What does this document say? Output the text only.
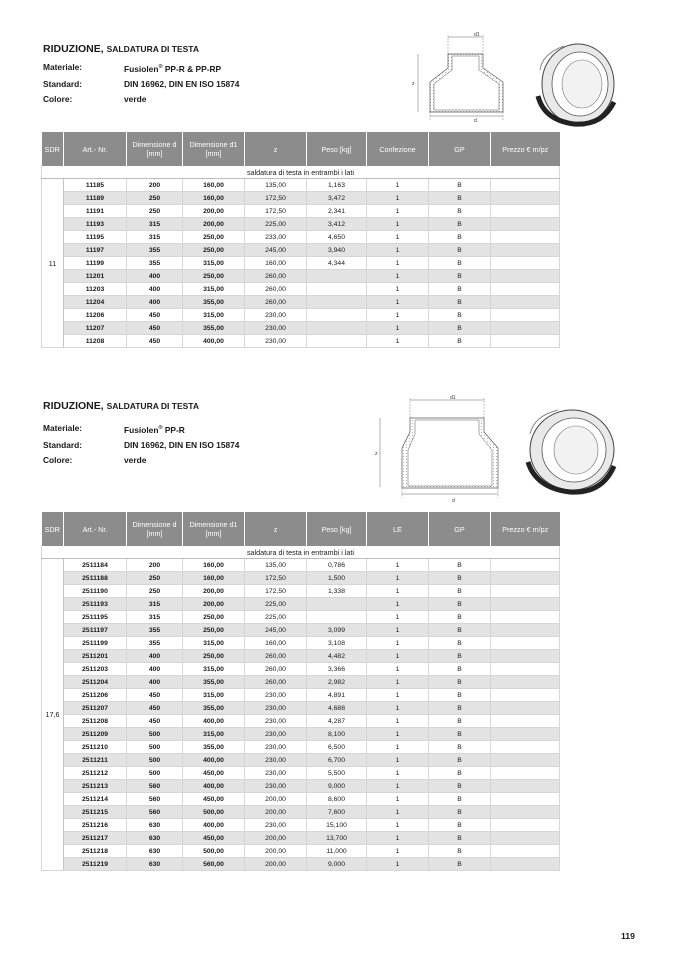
RIDUZIONE, SALDATURA DI TESTA
Materiale:	Fusiolen® PP-R & PP-RP
Standard:	DIN 16962, DIN EN ISO 15874
Colore:	verde
d1
z
d
SDR	Art.- Nr.	Dimensione d [mm]	Dimensione d1 [mm]	z	Peso [kg]	Confezione	GP	Prezzo € m/pz
saldatura di testa in entrambi i lati								
11	11185	200	160,00	135,00	1,163	1	B	
	11189	250	160,00	172,50	3,472	1	B	
	11191	250	200,00	172,50	2,341	1	B	
	11193	315	200,00	225,00	3,412	1	B	
	11195	315	250,00	233,00	4,650	1	B	
	11197	355	250,00	245,00	3,940	1	B	
	11199	355	315,00	160,00	4,344	1	B	
	11201	400	250,00	260,00		1	B	
	11203	400	315,00	260,00		1	B	
	11204	400	355,00	260,00		1	B	
	11206	450	315,00	230,00		1	B	
	11207	450	355,00	230,00		1	B	
	11208	450	400,00	230,00		1	B	
RIDUZIONE, SALDATURA DI TESTA
Materiale:	Fusiolen® PP-R
Standard:	DIN 16962, DIN EN ISO 15874
Colore:	verde
d1
z
d
SDR	Art.- Nr.	Dimensione d [mm]	Dimensione d1 [mm]	z	Peso [kg]	LE	GP	Prezzo € m/pz
saldatura di testa in entrambi i lati								
17,6	2511184	200	160,00	135,00	0,786	1	B	
	2511188	250	160,00	172,50	1,500	1	B	
	2511190	250	200,00	172,50	1,338	1	B	
	2511193	315	200,00	225,00		1	B	
	2511195	315	250,00	225,00		1	B	
	2511197	355	250,00	245,00	3,099	1	B	
	2511199	355	315,00	160,00	3,108	1	B	
	2511201	400	250,00	260,00	4,482	1	B	
	2511203	400	315,00	260,00	3,366	1	B	
	2511204	400	355,00	260,00	2,982	1	B	
	2511206	450	315,00	230,00	4,891	1	B	
	2511207	450	355,00	230,00	4,688	1	B	
	2511208	450	400,00	230,00	4,287	1	B	
	2511209	500	315,00	230,00	8,100	1	B	
	2511210	500	355,00	230,00	6,500	1	B	
	2511211	500	400,00	230,00	6,700	1	B	
	2511212	500	450,00	230,00	5,500	1	B	
	2511213	560	400,00	230,00	9,000	1	B	
	2511214	560	450,00	200,00	8,600	1	B	
	2511215	560	500,00	200,00	7,600	1	B	
	2511216	630	400,00	230,00	15,100	1	B	
	2511217	630	450,00	200,00	13,700	1	B	
	2511218	630	500,00	200,00	11,000	1	B	
	2511219	630	560,00	200,00	9,000	1	B	
119
